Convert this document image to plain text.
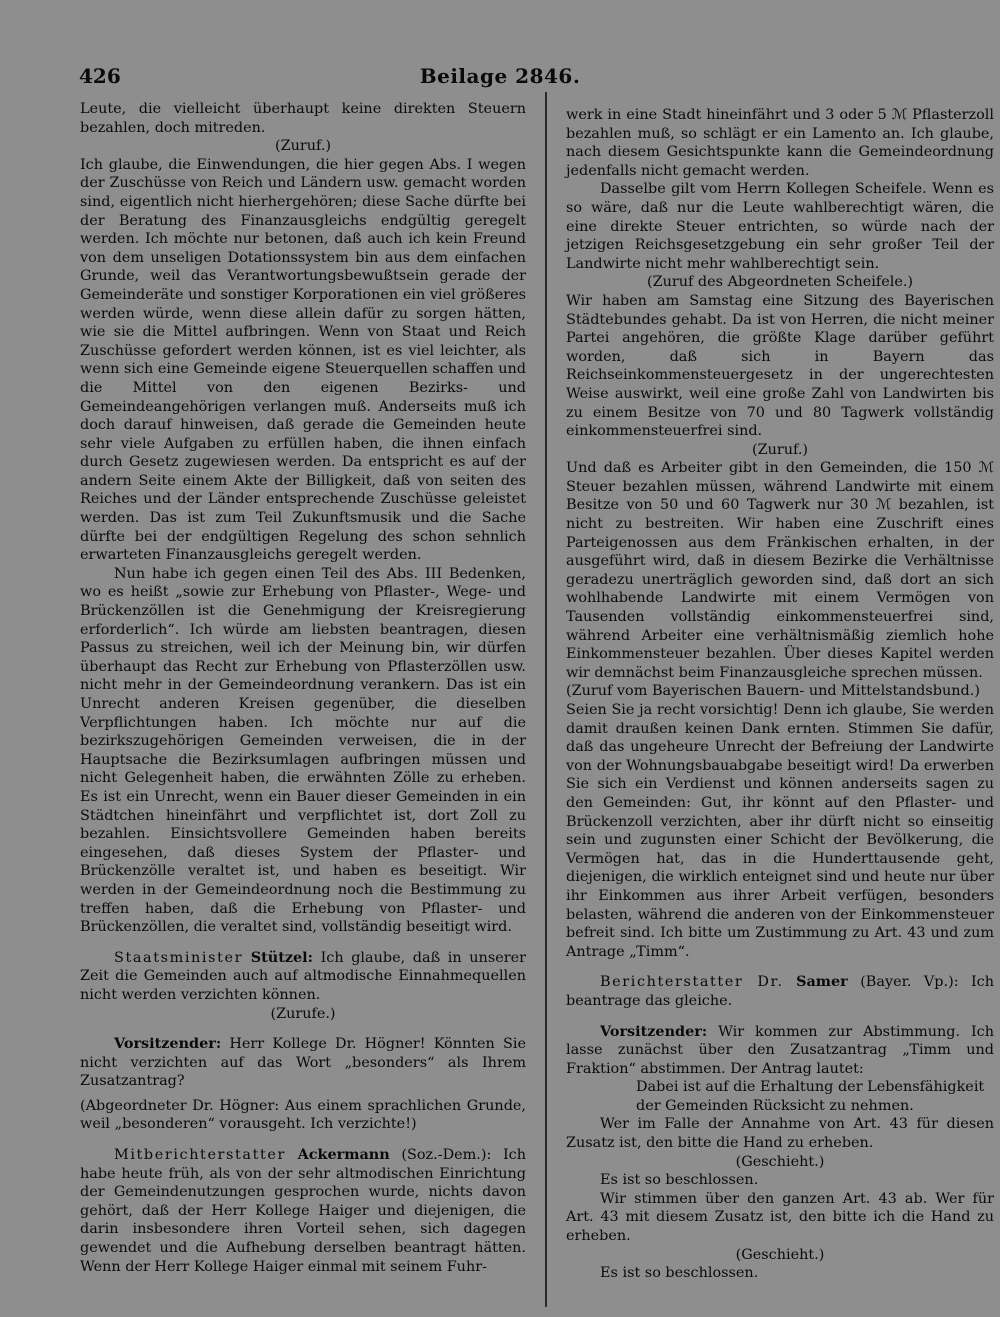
426	Beilage 2846.

Leute, die vielleicht überhaupt keine direkten Steuern bezahlen, doch mitreden.

(Zuruf.)

Ich glaube, die Einwendungen, die hier gegen Abs. I wegen der Zuschüsse von Reich und Ländern usw. gemacht worden sind, eigentlich nicht hierhergehören; diese Sache dürfte bei der Beratung des Finanzausgleichs endgültig geregelt werden. Ich möchte nur betonen, daß auch ich kein Freund von dem unseligen Dotationssystem bin aus dem einfachen Grunde, weil das Verantwortungsbewußtsein gerade der Gemeinderäte und sonstiger Korporationen ein viel größeres werden würde, wenn diese allein dafür zu sorgen hätten, wie sie die Mittel aufbringen. Wenn von Staat und Reich Zuschüsse gefordert werden können, ist es viel leichter, als wenn sich eine Gemeinde eigene Steuerquellen schaffen und die Mittel von den eigenen Bezirks- und Gemeindeangehörigen verlangen muß. Anderseits muß ich doch darauf hinweisen, daß gerade die Gemeinden heute sehr viele Aufgaben zu erfüllen haben, die ihnen einfach durch Gesetz zugewiesen werden. Da entspricht es auf der andern Seite einem Akte der Billigkeit, daß von seiten des Reiches und der Länder entsprechende Zuschüsse geleistet werden. Das ist zum Teil Zukunftsmusik und die Sache dürfte bei der endgültigen Regelung des schon sehnlich erwarteten Finanzausgleichs geregelt werden.

Nun habe ich gegen einen Teil des Abs. III Bedenken, wo es heißt „sowie zur Erhebung von Pflaster-, Wege- und Brückenzöllen ist die Genehmigung der Kreisregierung erforderlich“. Ich würde am liebsten beantragen, diesen Passus zu streichen, weil ich der Meinung bin, wir dürfen überhaupt das Recht zur Erhebung von Pflasterzöllen usw. nicht mehr in der Gemeindeordnung verankern. Das ist ein Unrecht anderen Kreisen gegenüber, die dieselben Verpflichtungen haben. Ich möchte nur auf die bezirkszugehörigen Gemeinden verweisen, die in der Hauptsache die Bezirksumlagen aufbringen müssen und nicht Gelegenheit haben, die erwähnten Zölle zu erheben. Es ist ein Unrecht, wenn ein Bauer dieser Gemeinden in ein Städtchen hineinfährt und verpflichtet ist, dort Zoll zu bezahlen. Einsichtsvollere Gemeinden haben bereits eingesehen, daß dieses System der Pflaster- und Brückenzölle veraltet ist, und haben es beseitigt. Wir werden in der Gemeindeordnung noch die Bestimmung zu treffen haben, daß die Erhebung von Pflaster- und Brückenzöllen, die veraltet sind, vollständig beseitigt wird.

Staatsminister Stützel: Ich glaube, daß in unserer Zeit die Gemeinden auch auf altmodische Einnahmequellen nicht werden verzichten können.

(Zurufe.)

Vorsitzender: Herr Kollege Dr. Högner! Könnten Sie nicht verzichten auf das Wort „besonders“ als Ihrem Zusatzantrag?

(Abgeordneter Dr. Högner: Aus einem sprachlichen Grunde, weil „besonderen“ vorausgeht. Ich verzichte!)

Mitberichterstatter Ackermann (Soz.-Dem.): Ich habe heute früh, als von der sehr altmodischen Einrichtung der Gemeindenutzungen gesprochen wurde, nichts davon gehört, daß der Herr Kollege Haiger und diejenigen, die darin insbesondere ihren Vorteil sehen, sich dagegen gewendet und die Aufhebung derselben beantragt hätten. Wenn der Herr Kollege Haiger einmal mit seinem Fuhr-

werk in eine Stadt hineinfährt und 3 oder 5 ℳ Pflasterzoll bezahlen muß, so schlägt er ein Lamento an. Ich glaube, nach diesem Gesichtspunkte kann die Gemeindeordnung jedenfalls nicht gemacht werden.

Dasselbe gilt vom Herrn Kollegen Scheifele. Wenn es so wäre, daß nur die Leute wahlberechtigt wären, die eine direkte Steuer entrichten, so würde nach der jetzigen Reichsgesetzgebung ein sehr großer Teil der Landwirte nicht mehr wahlberechtigt sein.

(Zuruf des Abgeordneten Scheifele.)

Wir haben am Samstag eine Sitzung des Bayerischen Städtebundes gehabt. Da ist von Herren, die nicht meiner Partei angehören, die größte Klage darüber geführt worden, daß sich in Bayern das Reichseinkommensteuergesetz in der ungerechtesten Weise auswirkt, weil eine große Zahl von Landwirten bis zu einem Besitze von 70 und 80 Tagwerk vollständig einkommensteuerfrei sind.

(Zuruf.)

Und daß es Arbeiter gibt in den Gemeinden, die 150 ℳ Steuer bezahlen müssen, während Landwirte mit einem Besitze von 50 und 60 Tagwerk nur 30 ℳ bezahlen, ist nicht zu bestreiten. Wir haben eine Zuschrift eines Parteigenossen aus dem Fränkischen erhalten, in der ausgeführt wird, daß in diesem Bezirke die Verhältnisse geradezu unerträglich geworden sind, daß dort an sich wohlhabende Landwirte mit einem Vermögen von Tausenden vollständig einkommensteuerfrei sind, während Arbeiter eine verhältnismäßig ziemlich hohe Einkommensteuer bezahlen. Über dieses Kapitel werden wir demnächst beim Finanzausgleiche sprechen müssen.

(Zuruf vom Bayerischen Bauern- und Mittelstandsbund.)

Seien Sie ja recht vorsichtig! Denn ich glaube, Sie werden damit draußen keinen Dank ernten. Stimmen Sie dafür, daß das ungeheure Unrecht der Befreiung der Landwirte von der Wohnungsbauabgabe beseitigt wird! Da erwerben Sie sich ein Verdienst und können anderseits sagen zu den Gemeinden: Gut, ihr könnt auf den Pflaster- und Brückenzoll verzichten, aber ihr dürft nicht so einseitig sein und zugunsten einer Schicht der Bevölkerung, die Vermögen hat, das in die Hunderttausende geht, diejenigen, die wirklich enteignet sind und heute nur über ihr Einkommen aus ihrer Arbeit verfügen, besonders belasten, während die anderen von der Einkommensteuer befreit sind. Ich bitte um Zustimmung zu Art. 43 und zum Antrage „Timm“.

Berichterstatter Dr. Samer (Bayer. Vp.): Ich beantrage das gleiche.

Vorsitzender: Wir kommen zur Abstimmung. Ich lasse zunächst über den Zusatzantrag „Timm und Fraktion“ abstimmen. Der Antrag lautet:

Dabei ist auf die Erhaltung der Lebensfähigkeit der Gemeinden Rücksicht zu nehmen.

Wer im Falle der Annahme von Art. 43 für diesen Zusatz ist, den bitte die Hand zu erheben.

(Geschieht.)

Es ist so beschlossen.

Wir stimmen über den ganzen Art. 43 ab. Wer für Art. 43 mit diesem Zusatz ist, den bitte ich die Hand zu erheben.

(Geschieht.)

Es ist so beschlossen.
